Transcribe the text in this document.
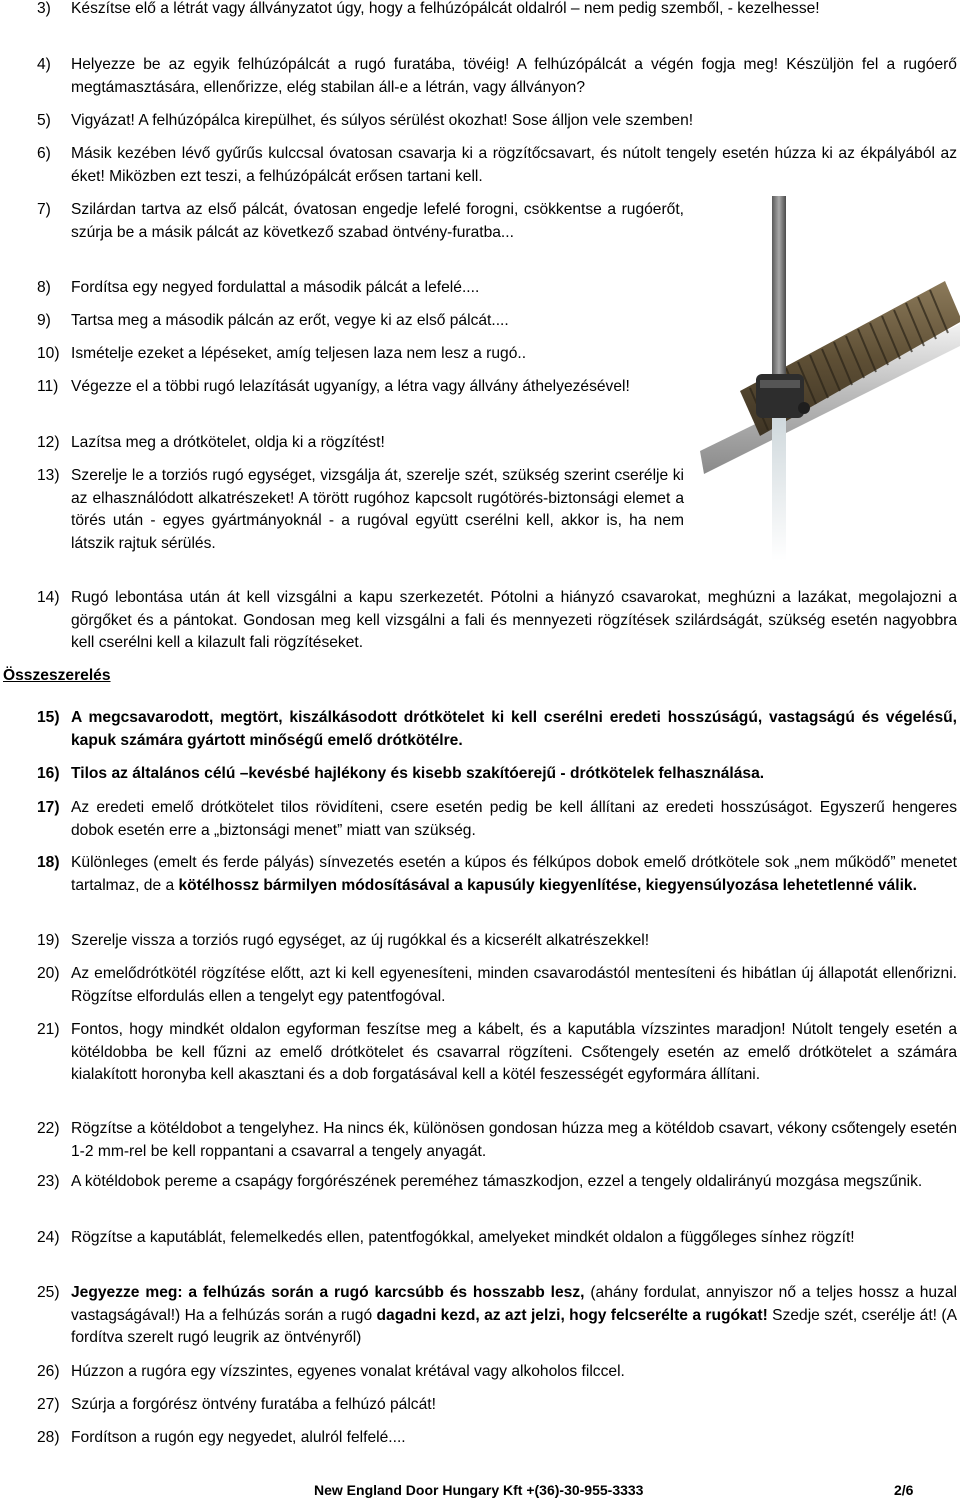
3)	Készítse elő a létrát vagy állványzatot úgy, hogy a felhúzópálcát oldalról – nem pedig szemből, - kezelhesse!
4)	Helyezze be az egyik felhúzópálcát a rugó furatába, tövéig! A felhúzópálcát a végén fogja meg! Készüljön fel a rugóerő megtámasztására, ellenőrizze, elég stabilan áll-e a létrán, vagy állványon?
5)	Vigyázat! A felhúzópálca kirepülhet, és súlyos sérülést okozhat! Sose álljon vele szemben!
6)	Másik kezében lévő gyűrűs kulccsal óvatosan csavarja ki a rögzítőcsavart, és nútolt tengely esetén húzza ki az ékpályából az éket! Miközben ezt teszi, a felhúzópálcát erősen tartani kell.
7)	Szilárdan tartva az első pálcát, óvatosan engedje lefelé forogni, csökkentse a rugóerőt, szúrja be a másik pálcát az következő szabad öntvény-furatba...
8)	Fordítsa egy negyed fordulattal a második pálcát a lefelé....
9)	Tartsa meg a második pálcán az erőt, vegye ki az első pálcát....
10) Ismételje ezeket a lépéseket, amíg teljesen laza nem lesz a rugó..
11) Végezze el a többi rugó lelazítását ugyanígy, a létra vagy állvány áthelyezésével!
12) Lazítsa meg a drótkötelet, oldja ki a rögzítést!
13) Szerelje le a torziós rugó egységet, vizsgálja át, szerelje szét, szükség szerint cserélje ki az elhasználódott alkatrészeket! A törött rugóhoz kapcsolt rugótörés-biztonsági elemet a törés után - egyes gyártmányoknál - a rugóval együtt cserélni kell, akkor is, ha nem látszik rajtuk sérülés.
14) Rugó lebontása után át kell vizsgálni a kapu szerkezetét. Pótolni a hiányzó csavarokat, meghúzni a lazákat, megolajozni a görgőket és a pántokat. Gondosan meg kell vizsgálni a fali és mennyezeti rögzítések szilárdságát, szükség esetén nagyobbra kell cserélni kell a kilazult fali rögzítéseket.
Összeszerelés
15) A megcsavarodott, megtört, kiszálkásodott drótkötelet ki kell cserélni eredeti hosszúságú, vastagságú és végelésű, kapuk számára gyártott minőségű emelő drótkötélre.
16) Tilos az általános célú –kevésbé hajlékony és kisebb szakítóerejű - drótkötelek felhasználása.
17) Az eredeti emelő drótkötelet tilos rövidíteni, csere esetén pedig be kell állítani az eredeti hosszúságot. Egyszerű hengeres dobok esetén erre a „biztonsági menet” miatt van szükség.
18) Különleges (emelt és ferde pályás) sínvezetés esetén a kúpos és félkúpos dobok emelő drótkötele sok „nem működő” menetet tartalmaz, de a kötélhossz bármilyen módosításával a kapusúly kiegyenlítése, kiegyensúlyozása lehetetlenné válik.
19) Szerelje vissza a torziós rugó egységet, az új rugókkal és a kicserélt alkatrészekkel!
20) Az emelődrótkötél rögzítése előtt, azt ki kell egyenesíteni, minden csavarodástól mentesíteni és hibátlan új állapotát ellenőrizni. Rögzítse elfordulás ellen a tengelyt egy patentfogóval.
21) Fontos, hogy mindkét oldalon egyforman feszítse meg a kábelt, és a kaputábla vízszintes maradjon! Nútolt tengely esetén a kötéldobba be kell fűzni az emelő drótkötelet és csavarral rögzíteni. Csőtengely esetén az emelő drótkötelet a számára kialakított horonyba kell akasztani és a dob forgatásával kell a kötél feszességét egyformára állítani.
22) Rögzítse a kötéldobot a tengelyhez. Ha nincs ék, különösen gondosan húzza meg a kötéldob csavart, vékony csőtengely esetén 1-2 mm-rel be kell roppantani a csavarral a tengely anyagát.
23) A kötéldobok pereme a csapágy forgórészének pereméhez támaszkodjon, ezzel a tengely oldalirányú mozgása megszűnik.
24) Rögzítse a kaputáblát, felemelkedés ellen, patentfogókkal, amelyeket mindkét oldalon a függőleges sínhez rögzít!
25) Jegyezze meg: a felhúzás során a rugó karcsúbb és hosszabb lesz, (ahány fordulat, annyiszor nő a teljes hossz a huzal vastagságával!) Ha a felhúzás során a rugó dagadni kezd, az azt jelzi, hogy felcserélte a rugókat! Szedje szét, cserélje át! (A fordítva szerelt rugó leugrik az öntvényről)
26) Húzzon a rugóra egy vízszintes, egyenes vonalat krétával vagy alkoholos filccel.
27) Szúrja a forgórész öntvény furatába a felhúzó pálcát!
28) Fordítson a rugón egy negyedet, alulról felfelé....
New England Door Hungary Kft +(36)-30-955-3333	2/6
